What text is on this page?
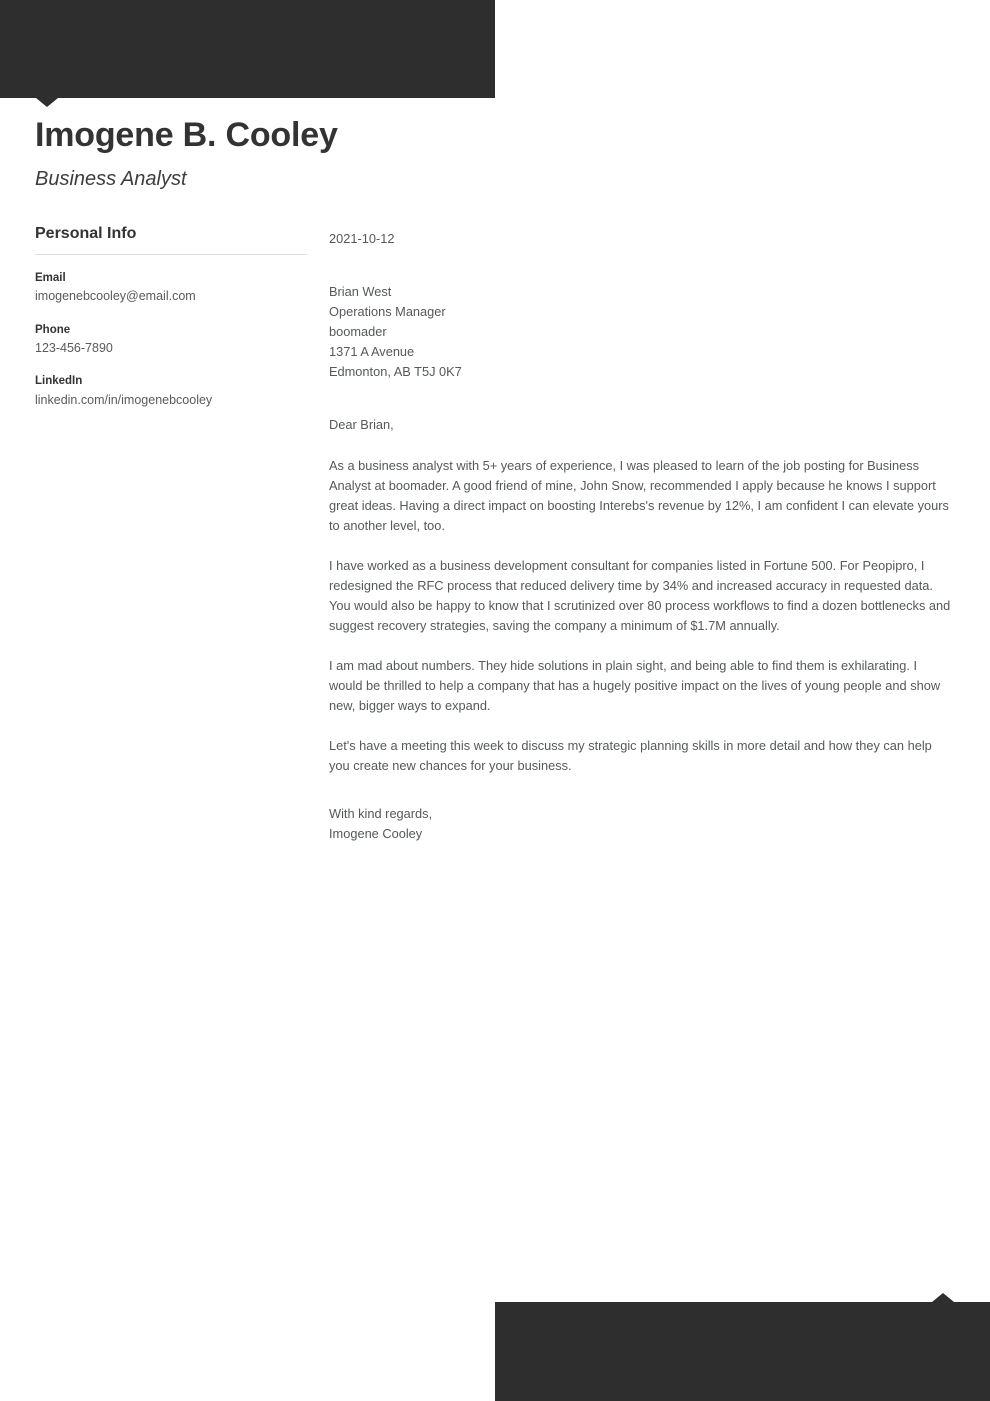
Imogene B. Cooley
Business Analyst
Personal Info
Email
imogenebcooley@email.com
Phone
123-456-7890
LinkedIn
linkedin.com/in/imogenebcooley
2021-10-12
Brian West
Operations Manager
boomader
1371 A Avenue
Edmonton, AB T5J 0K7
Dear Brian,

As a business analyst with 5+ years of experience, I was pleased to learn of the job posting for Business Analyst at boomader. A good friend of mine, John Snow, recommended I apply because he knows I support great ideas. Having a direct impact on boosting Interebs's revenue by 12%, I am confident I can elevate yours to another level, too.

I have worked as a business development consultant for companies listed in Fortune 500. For Peopipro, I redesigned the RFC process that reduced delivery time by 34% and increased accuracy in requested data. You would also be happy to know that I scrutinized over 80 process workflows to find a dozen bottlenecks and suggest recovery strategies, saving the company a minimum of $1.7M annually.

I am mad about numbers. They hide solutions in plain sight, and being able to find them is exhilarating. I would be thrilled to help a company that has a hugely positive impact on the lives of young people and show new, bigger ways to expand.

Let's have a meeting this week to discuss my strategic planning skills in more detail and how they can help you create new chances for your business.

With kind regards,
Imogene Cooley
